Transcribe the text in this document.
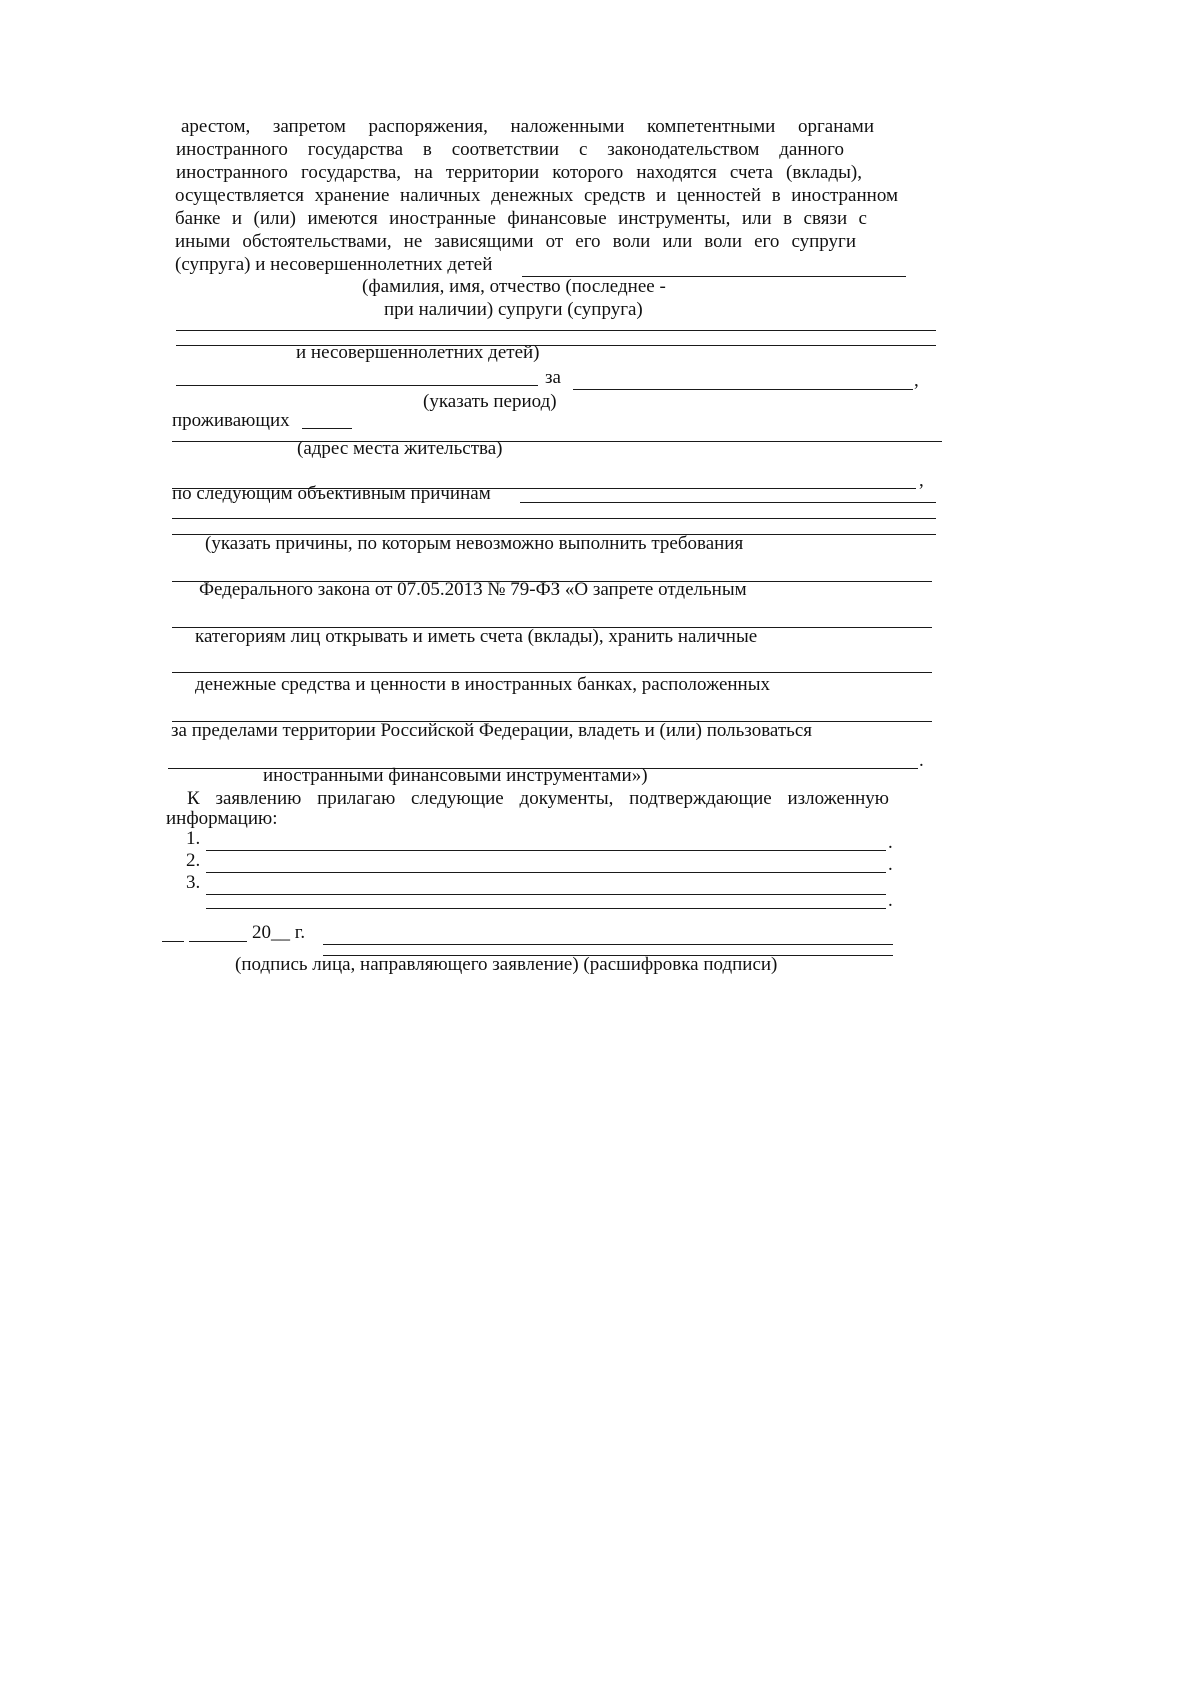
арестом, запретом распоряжения, наложенными компетентными органами
иностранного государства в соответствии с законодательством данного
иностранного государства, на территории которого находятся счета (вклады),
осуществляется хранение наличных денежных средств и ценностей в иностранном
банке и (или) имеются иностранные финансовые инструменты, или в связи с
иными обстоятельствами, не зависящими от его воли или воли его супруги
(супруга) и несовершеннолетних детей
(фамилия, имя, отчество (последнее -
при наличии) супруги (супруга)
и несовершеннолетних детей)
за	,
(указать период)
проживающих
(адрес места жительства)
,
по следующим объективным причинам
(указать причины, по которым невозможно выполнить требования
Федерального закона от 07.05.2013 № 79-ФЗ «О запрете отдельным
категориям лиц открывать и иметь счета (вклады), хранить наличные
денежные средства и ценности в иностранных банках, расположенных
за пределами территории Российской Федерации, владеть и (или) пользоваться
.
иностранными финансовыми инструментами»)
К заявлению прилагаю следующие документы, подтверждающие изложенную
информацию:
1.	.
2.	.
3.
.
20__ г.
(подпись лица, направляющего заявление) (расшифровка подписи)
